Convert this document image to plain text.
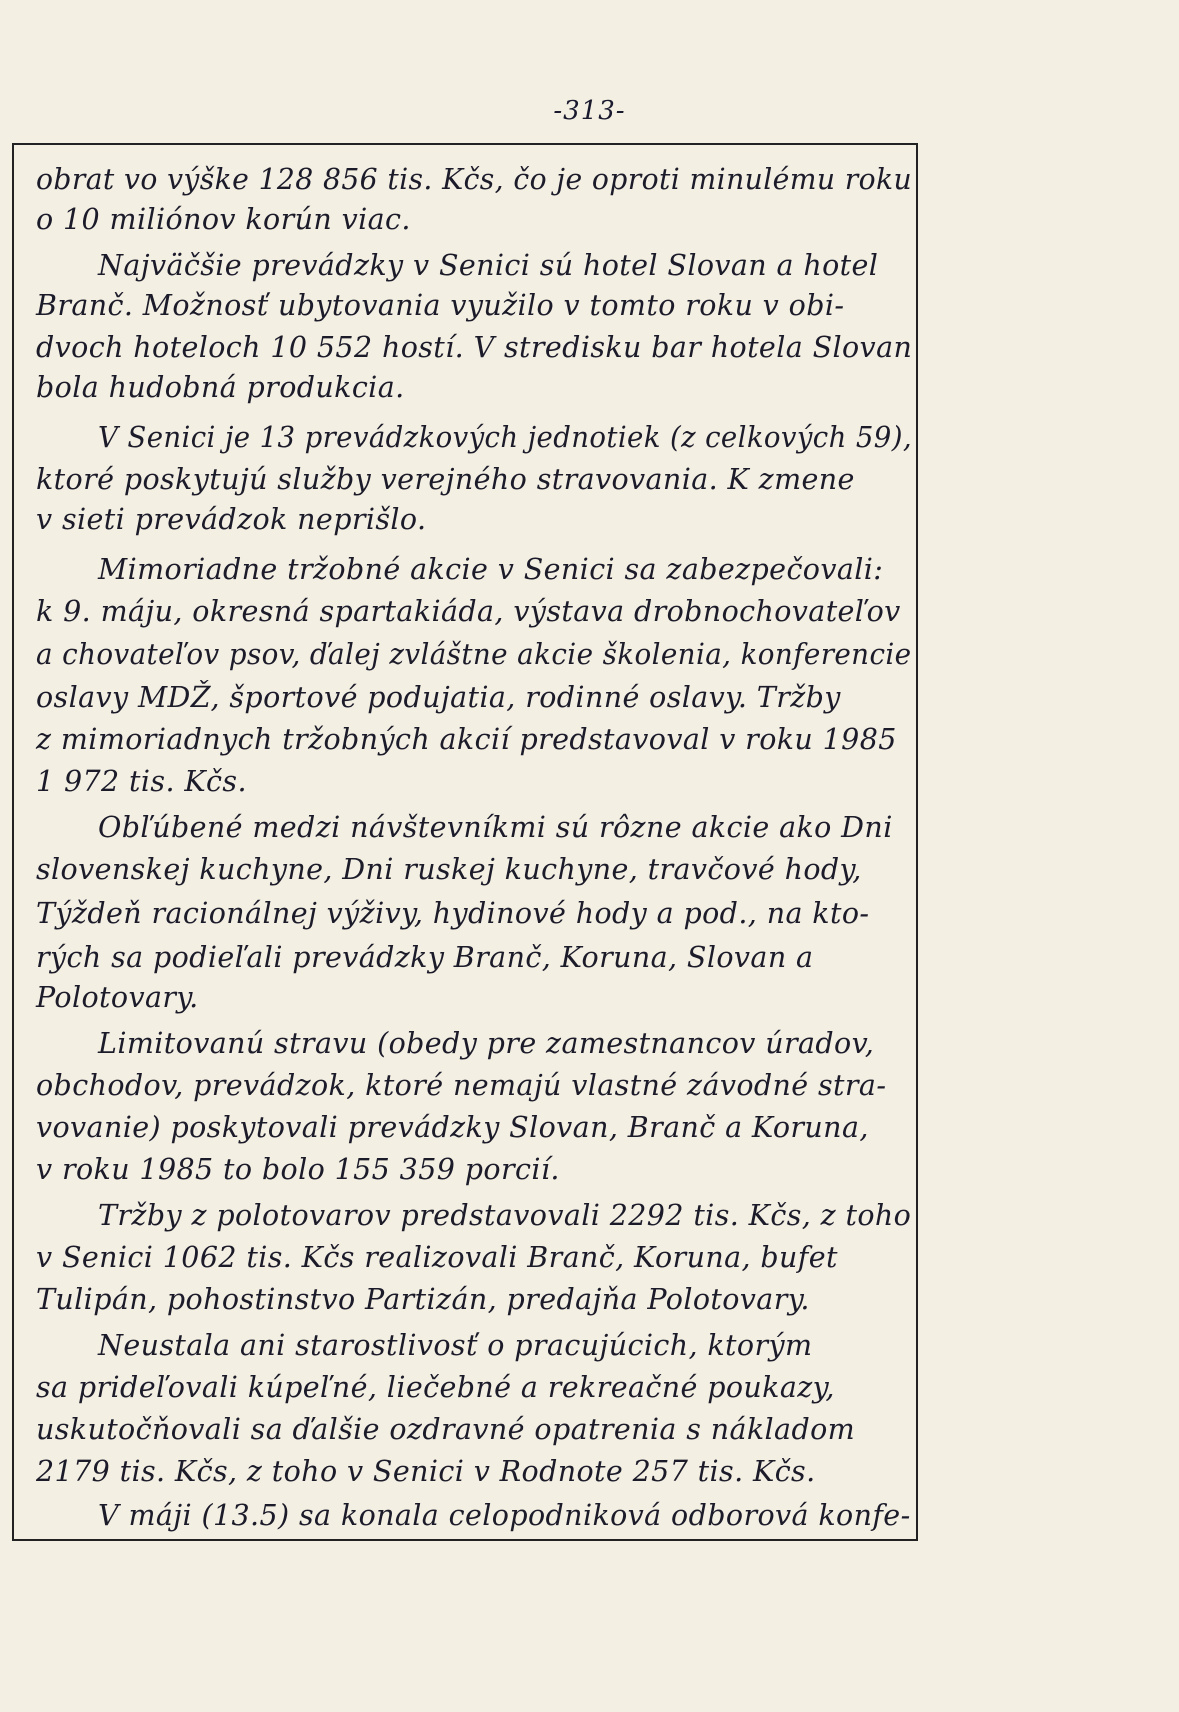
-313-
obrat vo výške 128 856 tis. Kčs, čo je oproti minulému roku
o 10 miliónov korún viac.
Najväčšie prevádzky v Senici sú hotel Slovan a hotel
Branč. Možnosť ubytovania využilo v tomto roku v obi-
dvoch hoteloch 10 552 hostí. V stredisku bar hotela Slovan
bola hudobná produkcia.
V Senici je 13 prevádzkových jednotiek (z celkových 59),
ktoré poskytujú služby verejného stravovania. K zmene
v sieti prevádzok neprišlo.
Mimoriadne tržobné akcie v Senici sa zabezpečovali:
k 9. máju, okresná spartakiáda, výstava drobnochovateľov
a chovateľov psov, ďalej zvláštne akcie školenia, konferencie
oslavy MDŽ, športové podujatia, rodinné oslavy. Tržby
z mimoriadnych tržobných akcií predstavoval v roku 1985
1 972 tis. Kčs.
Obľúbené medzi návštevníkmi sú rôzne akcie ako Dni
slovenskej kuchyne, Dni ruskej kuchyne, travčové hody,
Týždeň racionálnej výživy, hydinové hody a pod., na kto-
rých sa podieľali prevádzky Branč, Koruna, Slovan a
Polotovary.
Limitovanú stravu (obedy pre zamestnancov úradov,
obchodov, prevádzok, ktoré nemajú vlastné závodné stra-
vovanie) poskytovali prevádzky Slovan, Branč a Koruna,
v roku 1985 to bolo 155 359 porcií.
Tržby z polotovarov predstavovali 2292 tis. Kčs, z toho
v Senici 1062 tis. Kčs realizovali Branč, Koruna, bufet
Tulipán, pohostinstvo Partizán, predajňa Polotovary.
Neustala ani starostlivosť o pracujúcich, ktorým
sa prideľovali kúpeľné, liečebné a rekreačné poukazy,
uskutočňovali sa ďalšie ozdravné opatrenia s nákladom
2179 tis. Kčs, z toho v Senici v Rodnote 257 tis. Kčs.
V máji (13.5) sa konala celopodniková odborová konfe-
